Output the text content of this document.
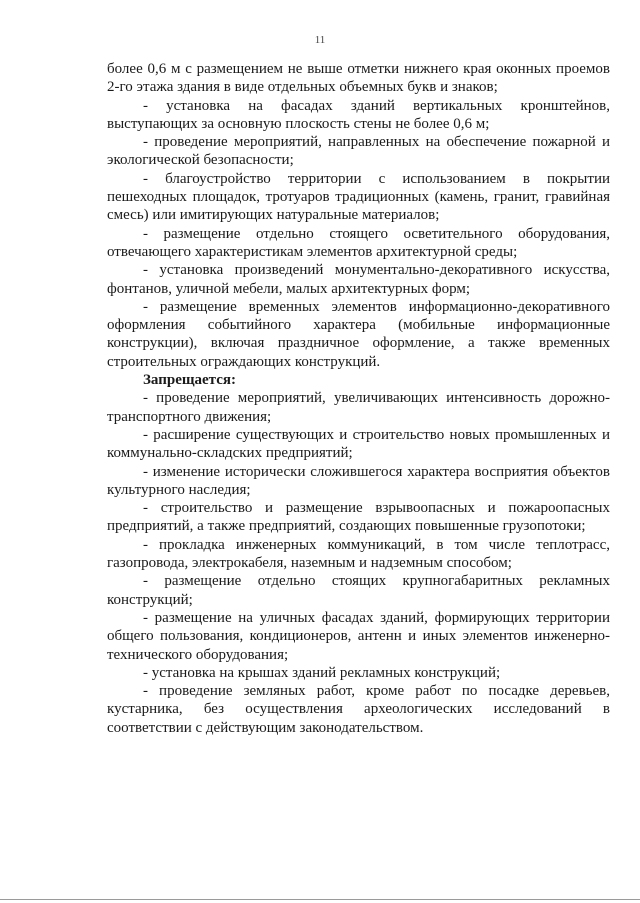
11

более 0,6 м с размещением не выше отметки нижнего края оконных проемов 2-го этажа здания в виде отдельных объемных букв и знаков;

- установка на фасадах зданий вертикальных кронштейнов, выступающих за основную плоскость стены не более 0,6 м;

- проведение мероприятий, направленных на обеспечение пожарной и экологической безопасности;

- благоустройство территории с использованием в покрытии пешеходных площадок, тротуаров традиционных (камень, гранит, гравийная смесь) или имитирующих натуральные материалов;

- размещение отдельно стоящего осветительного оборудования, отвечающего характеристикам элементов архитектурной среды;

- установка произведений монументально-декоративного искусства, фонтанов, уличной мебели, малых архитектурных форм;

- размещение временных элементов информационно-декоративного оформления событийного характера (мобильные информационные конструкции), включая праздничное оформление, а также временных строительных ограждающих конструкций.

Запрещается:

- проведение мероприятий, увеличивающих интенсивность дорожно-транспортного движения;

- расширение существующих и строительство новых промышленных и коммунально-складских предприятий;

- изменение исторически сложившегося характера восприятия объектов культурного наследия;

- строительство и размещение взрывоопасных и пожароопасных предприятий, а также предприятий, создающих повышенные грузопотоки;

- прокладка инженерных коммуникаций, в том числе теплотрасс, газопровода, электрокабеля, наземным и надземным способом;

- размещение отдельно стоящих крупногабаритных рекламных конструкций;

- размещение на уличных фасадах зданий, формирующих территории общего пользования, кондиционеров, антенн и иных элементов инженерно-технического оборудования;

- установка на крышах зданий рекламных конструкций;

- проведение земляных работ, кроме работ по посадке деревьев, кустарника, без осуществления археологических исследований в соответствии с действующим законодательством.
